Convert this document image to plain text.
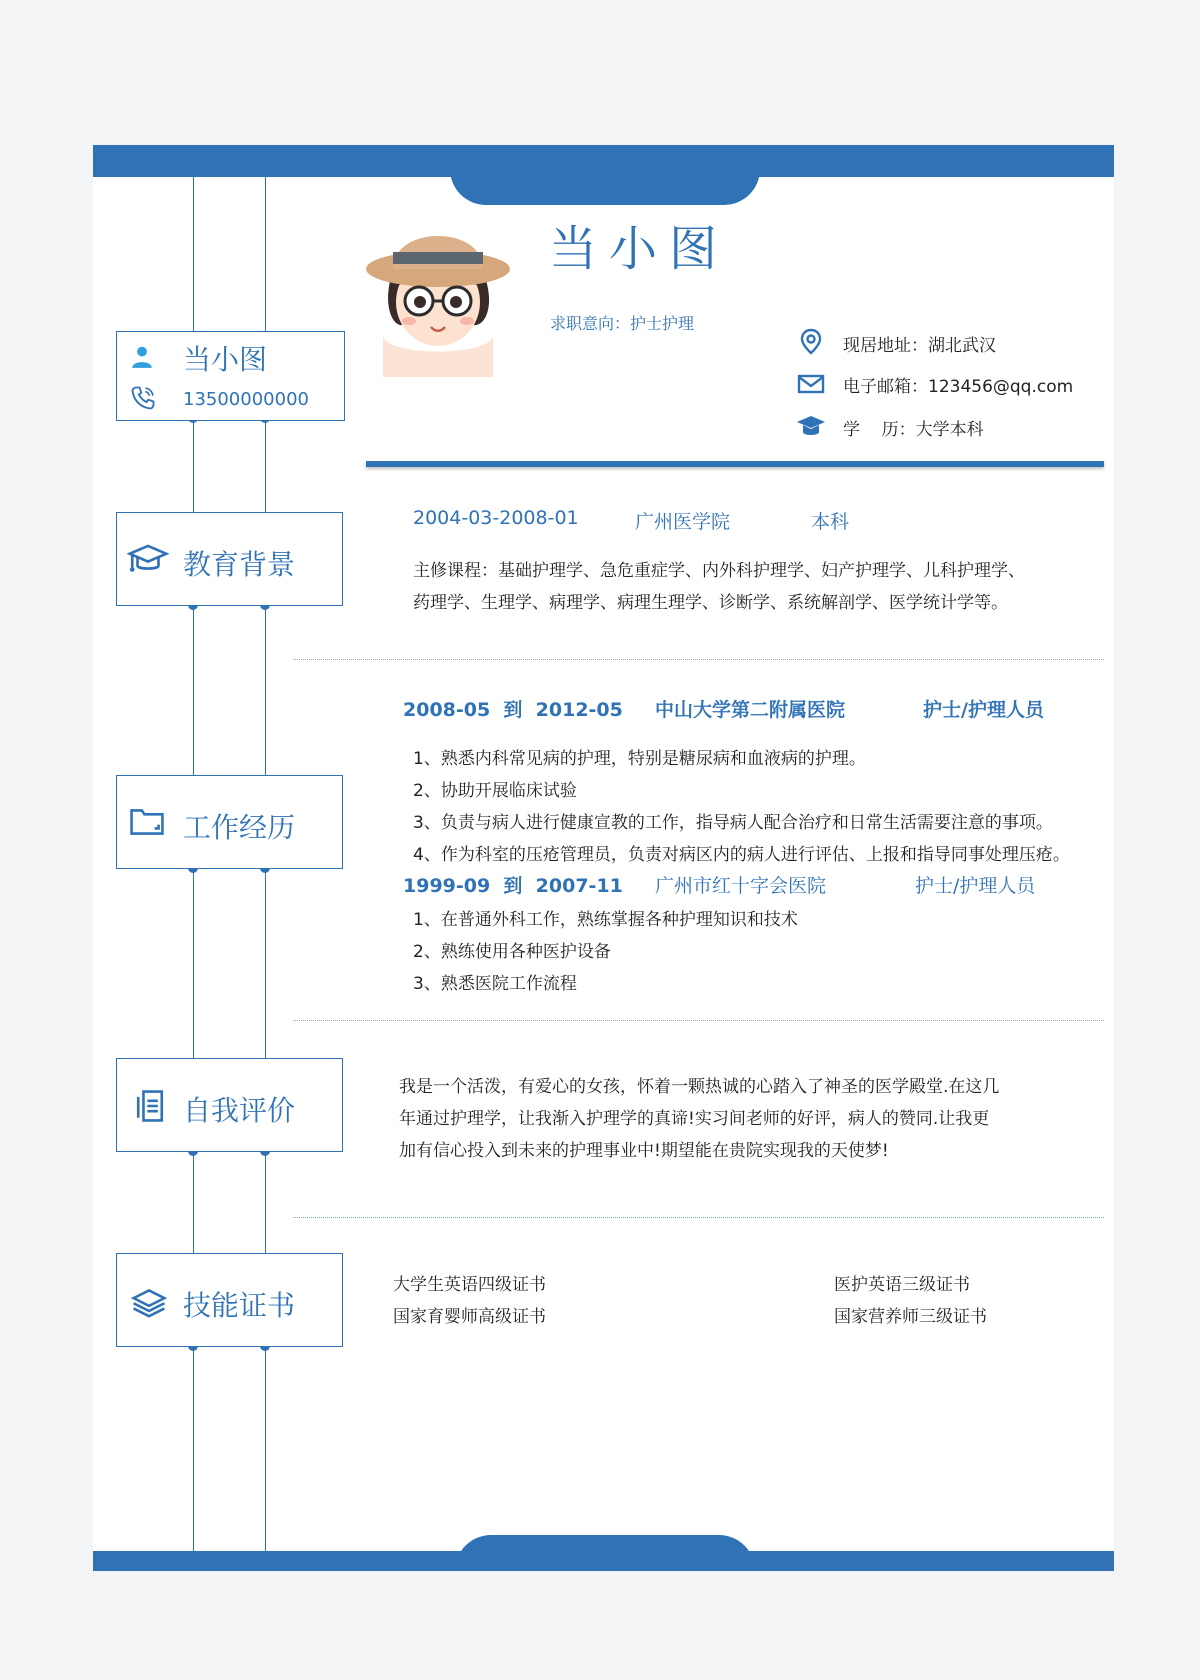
当小图
13500000000
教育背景
工作经历
自我评价
技能证书
当小图
求职意向：护士护理
现居地址：湖北武汉
电子邮箱：123456@qq.com
学    历：大学本科
2004-03-2008-01	广州医学院	本科
主修课程：基础护理学、急危重症学、内外科护理学、妇产护理学、儿科护理学、
药理学、生理学、病理学、病理生理学、诊断学、系统解剖学、医学统计学等。
2008-05  到  2012-05 中山大学第二附属医院	护士/护理人员
1、熟悉内科常见病的护理，特别是糖尿病和血液病的护理。
2、协助开展临床试验
3、负责与病人进行健康宣教的工作，指导病人配合治疗和日常生活需要注意的事项。
4、作为科室的压疮管理员，负责对病区内的病人进行评估、上报和指导同事处理压疮。
1999-09  到  2007-11 广州市红十字会医院	护士/护理人员
1、在普通外科工作，熟练掌握各种护理知识和技术
2、熟练使用各种医护设备
3、熟悉医院工作流程
我是一个活泼，有爱心的女孩，怀着一颗热诚的心踏入了神圣的医学殿堂.在这几
年通过护理学，让我渐入护理学的真谛!实习间老师的好评，病人的赞同.让我更
加有信心投入到未来的护理事业中!期望能在贵院实现我的天使梦!
大学生英语四级证书	医护英语三级证书
国家育婴师高级证书	国家营养师三级证书
